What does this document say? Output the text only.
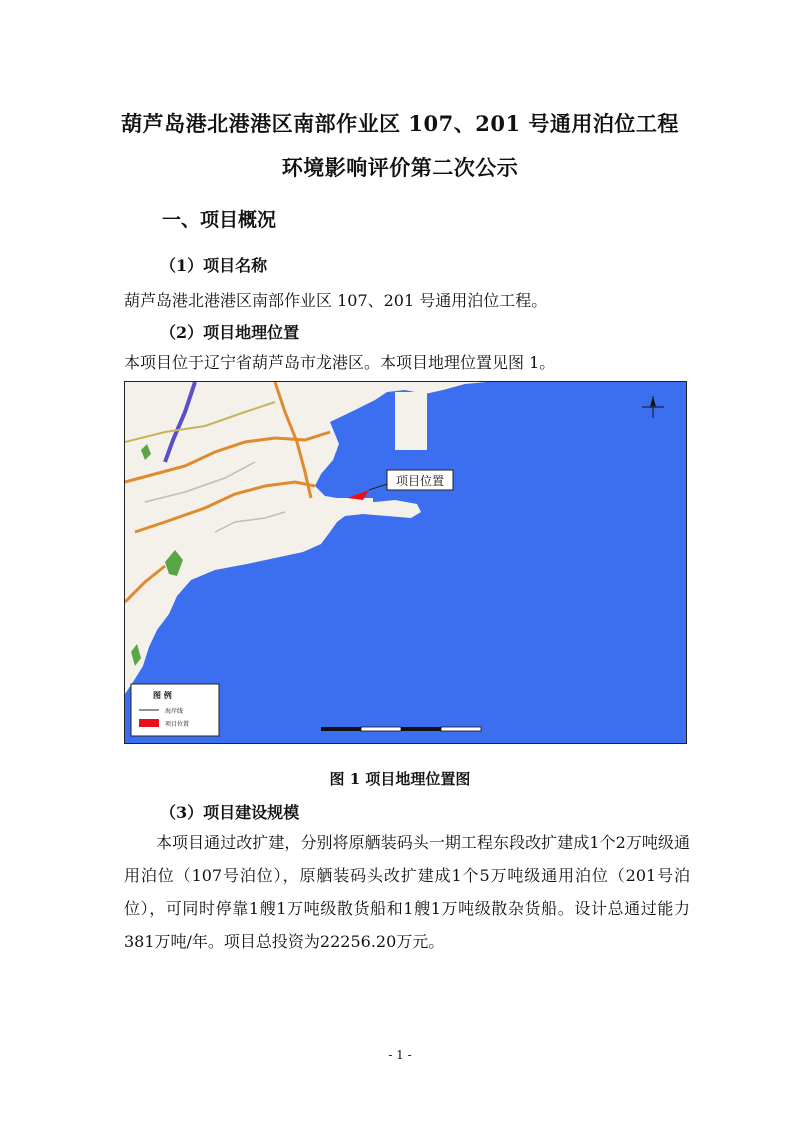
葫芦岛港北港港区南部作业区 107、201 号通用泊位工程
环境影响评价第二次公示
一、项目概况
（1）项目名称
葫芦岛港北港港区南部作业区 107、201 号通用泊位工程。
（2）项目地理位置
本项目位于辽宁省葫芦岛市龙港区。本项目地理位置见图 1。
项目位置
图 例
海岸线
项目位置
图 1 项目地理位置图
（3）项目建设规模
本项目通过改扩建，分别将原舾装码头一期工程东段改扩建成1个2万吨级通用泊位（107号泊位），原舾装码头改扩建成1个5万吨级通用泊位（201号泊位），可同时停靠1艘1万吨级散货船和1艘1万吨级散杂货船。设计总通过能力381万吨/年。项目总投资为22256.20万元。
- 1 -
